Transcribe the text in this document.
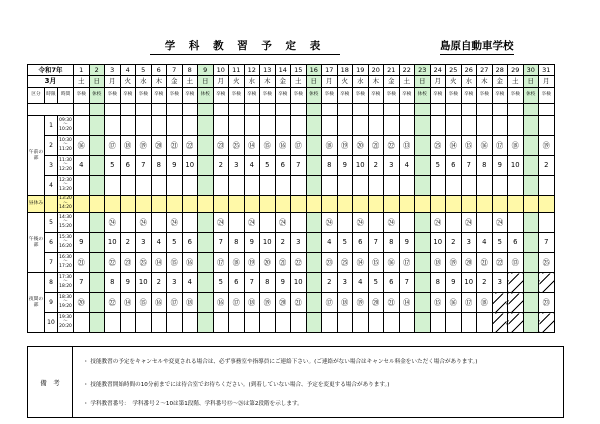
学 科 教 習 予 定 表	島原自動車学校
令和7年			1	2	3	4	5	6	7	8	9	10	11	12	13	14	15	16	17	18	19	20	21	22	23	24	25	26	27	28	29	30	31
3月			土	日	月	火	水	木	金	土	日	月	火	水	木	金	土	日	月	火	水	木	金	土	日	月	火	水	木	金	土	日	月
区分	時限	時間	卒検	休校	卒検	卒検	卒検	卒検	卒検	卒検	休校	卒検	卒検	卒検	卒検	卒検	卒検	休校	卒検	卒検	卒検	卒検	卒検	卒検	休校	卒検	卒検	卒検	卒検	卒検	卒検	休校	卒検

午前の部	1	09:30 ～ 10:20																															
	2	10:30 ～ 11:20	⑯		⑰	⑱	⑲	⑳	㉑	㉒		㉓	㉕	⑭	⑮	⑯	⑰		⑱	⑲	⑳	㉑	㉒	⑬		㉕	⑭	⑮	⑯	⑰	⑱		⑲
	3	11:30 ～ 12:20	4		5	6	7	8	9	10		2	3	4	5	6	7		8	9	10	2	3	4		5	6	7	8	9	10		2
	4	12:30 ～ 13:20																															
昼休み		13:20 ～ 14:20																															
午後の部	5	14:30 ～ 15:20			㉔		㉔		㉔			㉔		㉔		㉔			㉔		㉔		㉔			㉔		㉔		㉔			
	6	15:30 ～ 16:20	9		10	2	3	4	5	6		7	8	9	10	2	3		4	5	6	7	8	9		10	2	3	4	5	6		7
	7	16:30 ～ 17:20	㉑		㉒	㉓	㉕	⑭	⑮	⑯		⑰	⑱	⑲	⑳	㉑	㉒		㉓	㉕	⑭	⑮	⑯	⑰		⑱	⑲	⑳	㉑	㉒	⑬		㉕
夜間の部	8	17:30 ～ 18:20	7		8	9	10	2	3	4		5	6	7	8	9	10		2	3	4	5	6	7		8	9	10	2	3			
	9	18:30 ～ 19:20	⑳		㉒	⑭	⑮	⑯	⑰	⑱		⑯	⑰	⑱	⑲	⑳	㉑		⑰	⑱	⑲	⑳	㉑	⑭		⑮	⑯	⑰	⑱				㉓
	10	19:30 ～ 20:20																															
備　考
・ 技能教習の予定をキャンセルや変更される場合は、必ず事務室や指導員にご連絡下さい。(ご連絡がない場合はキャンセル料金をいただく場合があります。)
・ 技能教習開始時間の10分前までには待合室でお待ちください。(到着していない場合、予定を変更する場合があります。)
・ 学科教習番号：　学科番号２～10は第1段階、学科番号⑬～㉖は第2段階を示します。
